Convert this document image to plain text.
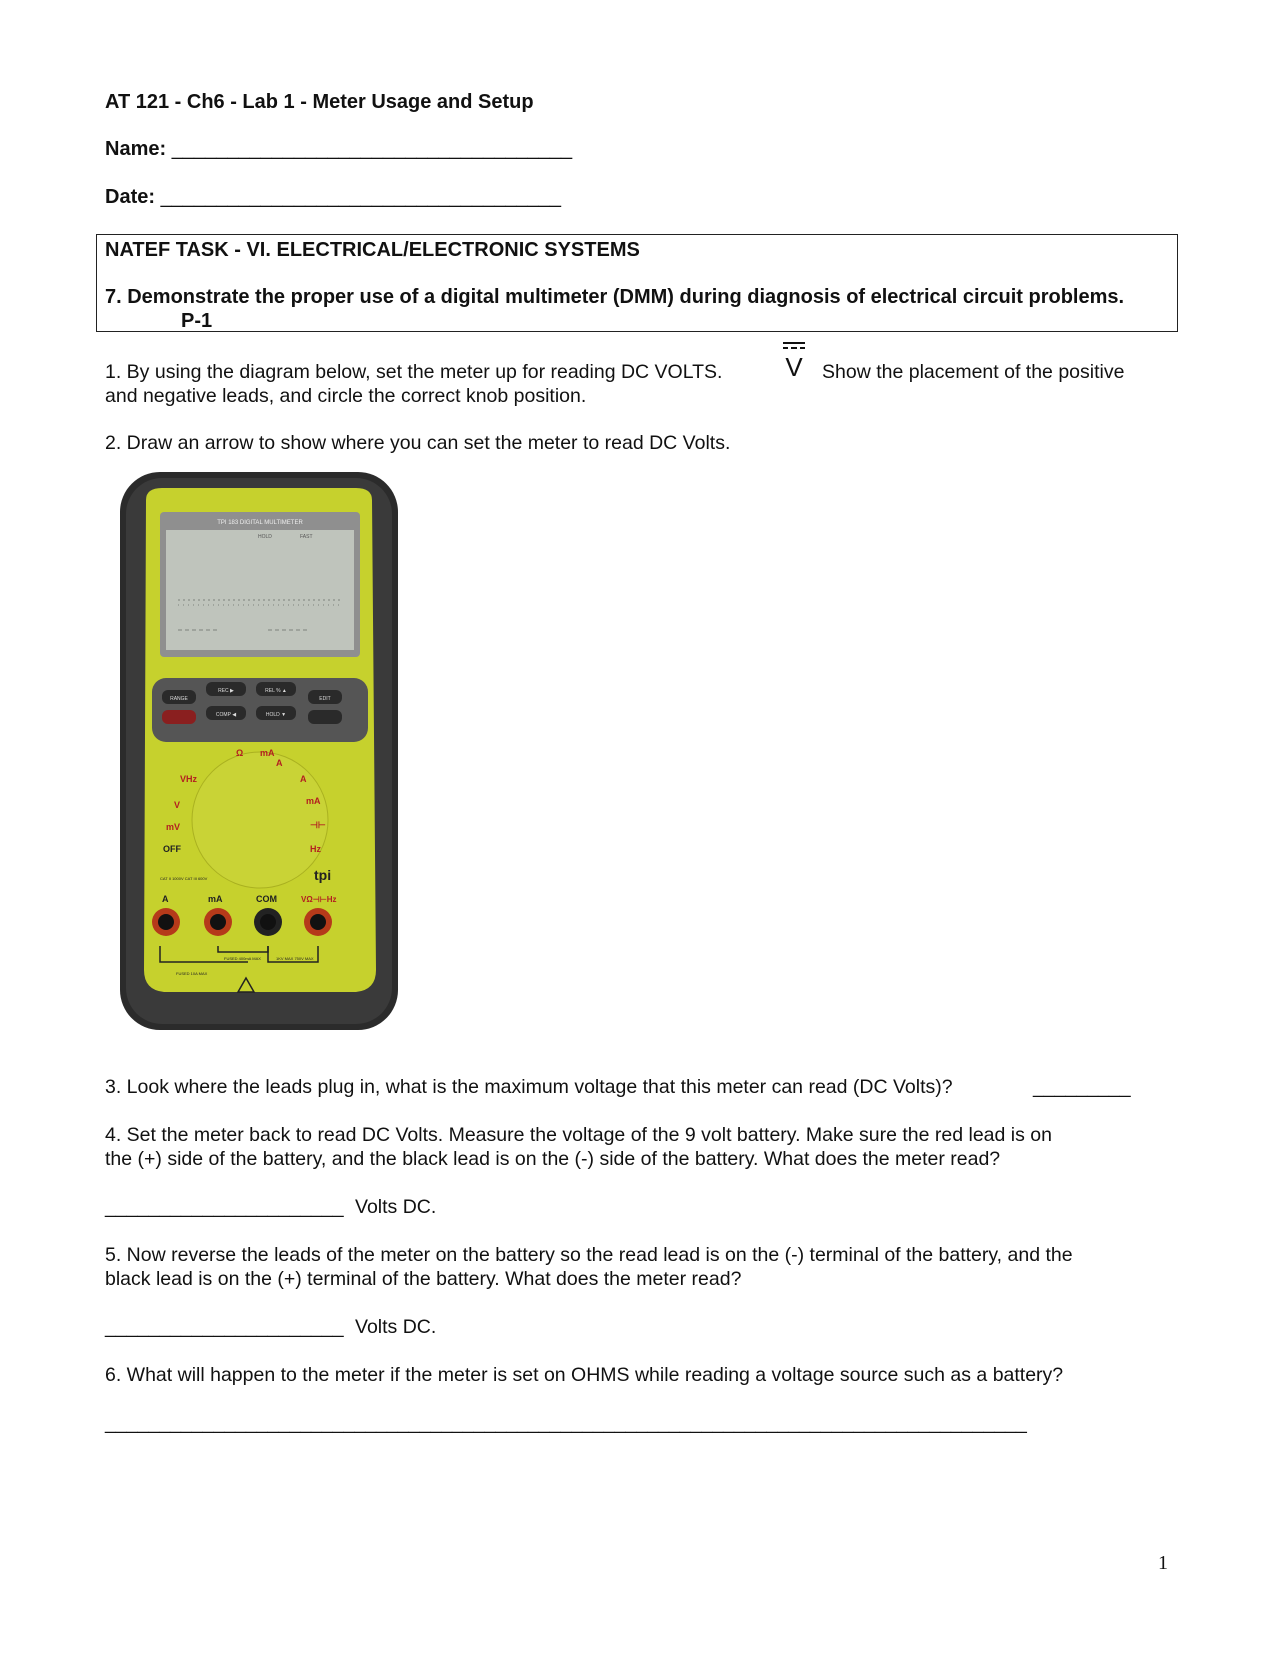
AT 121 - Ch6 - Lab 1 - Meter Usage and Setup
Name: ____________________________________
Date: ____________________________________
NATEF TASK - VI. ELECTRICAL/ELECTRONIC SYSTEMS
7. Demonstrate the proper use of a digital multimeter (DMM) during diagnosis of electrical circuit problems.
P-1
1. By using the diagram below, set the meter up for reading DC VOLTS. V Show the placement of the positive
and negative leads, and circle the correct knob position.
2. Draw an arrow to show where you can set the meter to read DC Volts.
TPI 183 DIGITAL MULTIMETER
HOLD	FAST
RANGE
REC ▶
COMP ◀
REL % ▲
HOLD ▼
EDIT
Ω mA
A
VHz	A
V	mA
mV	⊣⊢
Hz
OFF
tpi
CAT II 1000V CAT III 600V
A	mA	COM	VΩ⊣⊢Hz
FUSED 10A MAX
FUSED 400mA MAX	1KV MAX 750V MAX
3. Look where the leads plug in, what is the maximum voltage that this meter can read (DC Volts)?	_________
4. Set the meter back to read DC Volts. Measure the voltage of the 9 volt battery. Make sure the red lead is on
the (+) side of the battery, and the black lead is on the (-) side of the battery. What does the meter read?
______________________ Volts DC.
5. Now reverse the leads of the meter on the battery so the read lead is on the (-) terminal of the battery, and the
black lead is on the (+) terminal of the battery. What does the meter read?
______________________ Volts DC.
6. What will happen to the meter if the meter is set on OHMS while reading a voltage source such as a battery?
_____________________________________________________________________________________
1
